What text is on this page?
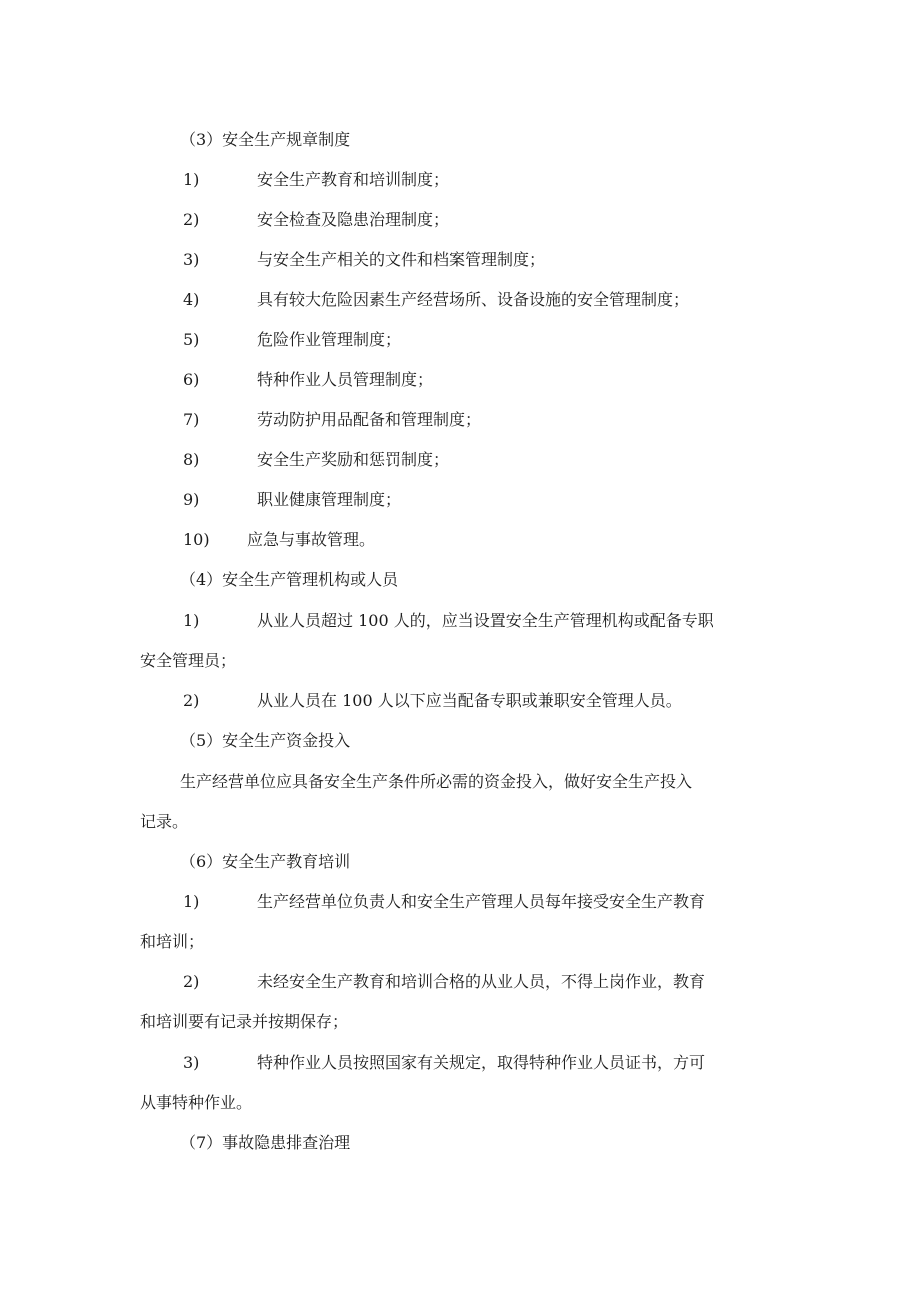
（3）安全生产规章制度
1)	安全生产教育和培训制度；
2)	安全检查及隐患治理制度；
3)	与安全生产相关的文件和档案管理制度；
4)	具有较大危险因素生产经营场所、设备设施的安全管理制度；
5)	危险作业管理制度；
6)	特种作业人员管理制度；
7)	劳动防护用品配备和管理制度；
8)	安全生产奖励和惩罚制度；
9)	职业健康管理制度；
10) 应急与事故管理。
（4）安全生产管理机构或人员
1)	从业人员超过 100 人的，应当设置安全生产管理机构或配备专职
安全管理员；
2)	从业人员在 100 人以下应当配备专职或兼职安全管理人员。
（5）安全生产资金投入
生产经营单位应具备安全生产条件所必需的资金投入，做好安全生产投入
记录。
（6）安全生产教育培训
1)	生产经营单位负责人和安全生产管理人员每年接受安全生产教育
和培训；
2)	未经安全生产教育和培训合格的从业人员，不得上岗作业，教育
和培训要有记录并按期保存；
3)	特种作业人员按照国家有关规定，取得特种作业人员证书，方可
从事特种作业。
（7）事故隐患排查治理
